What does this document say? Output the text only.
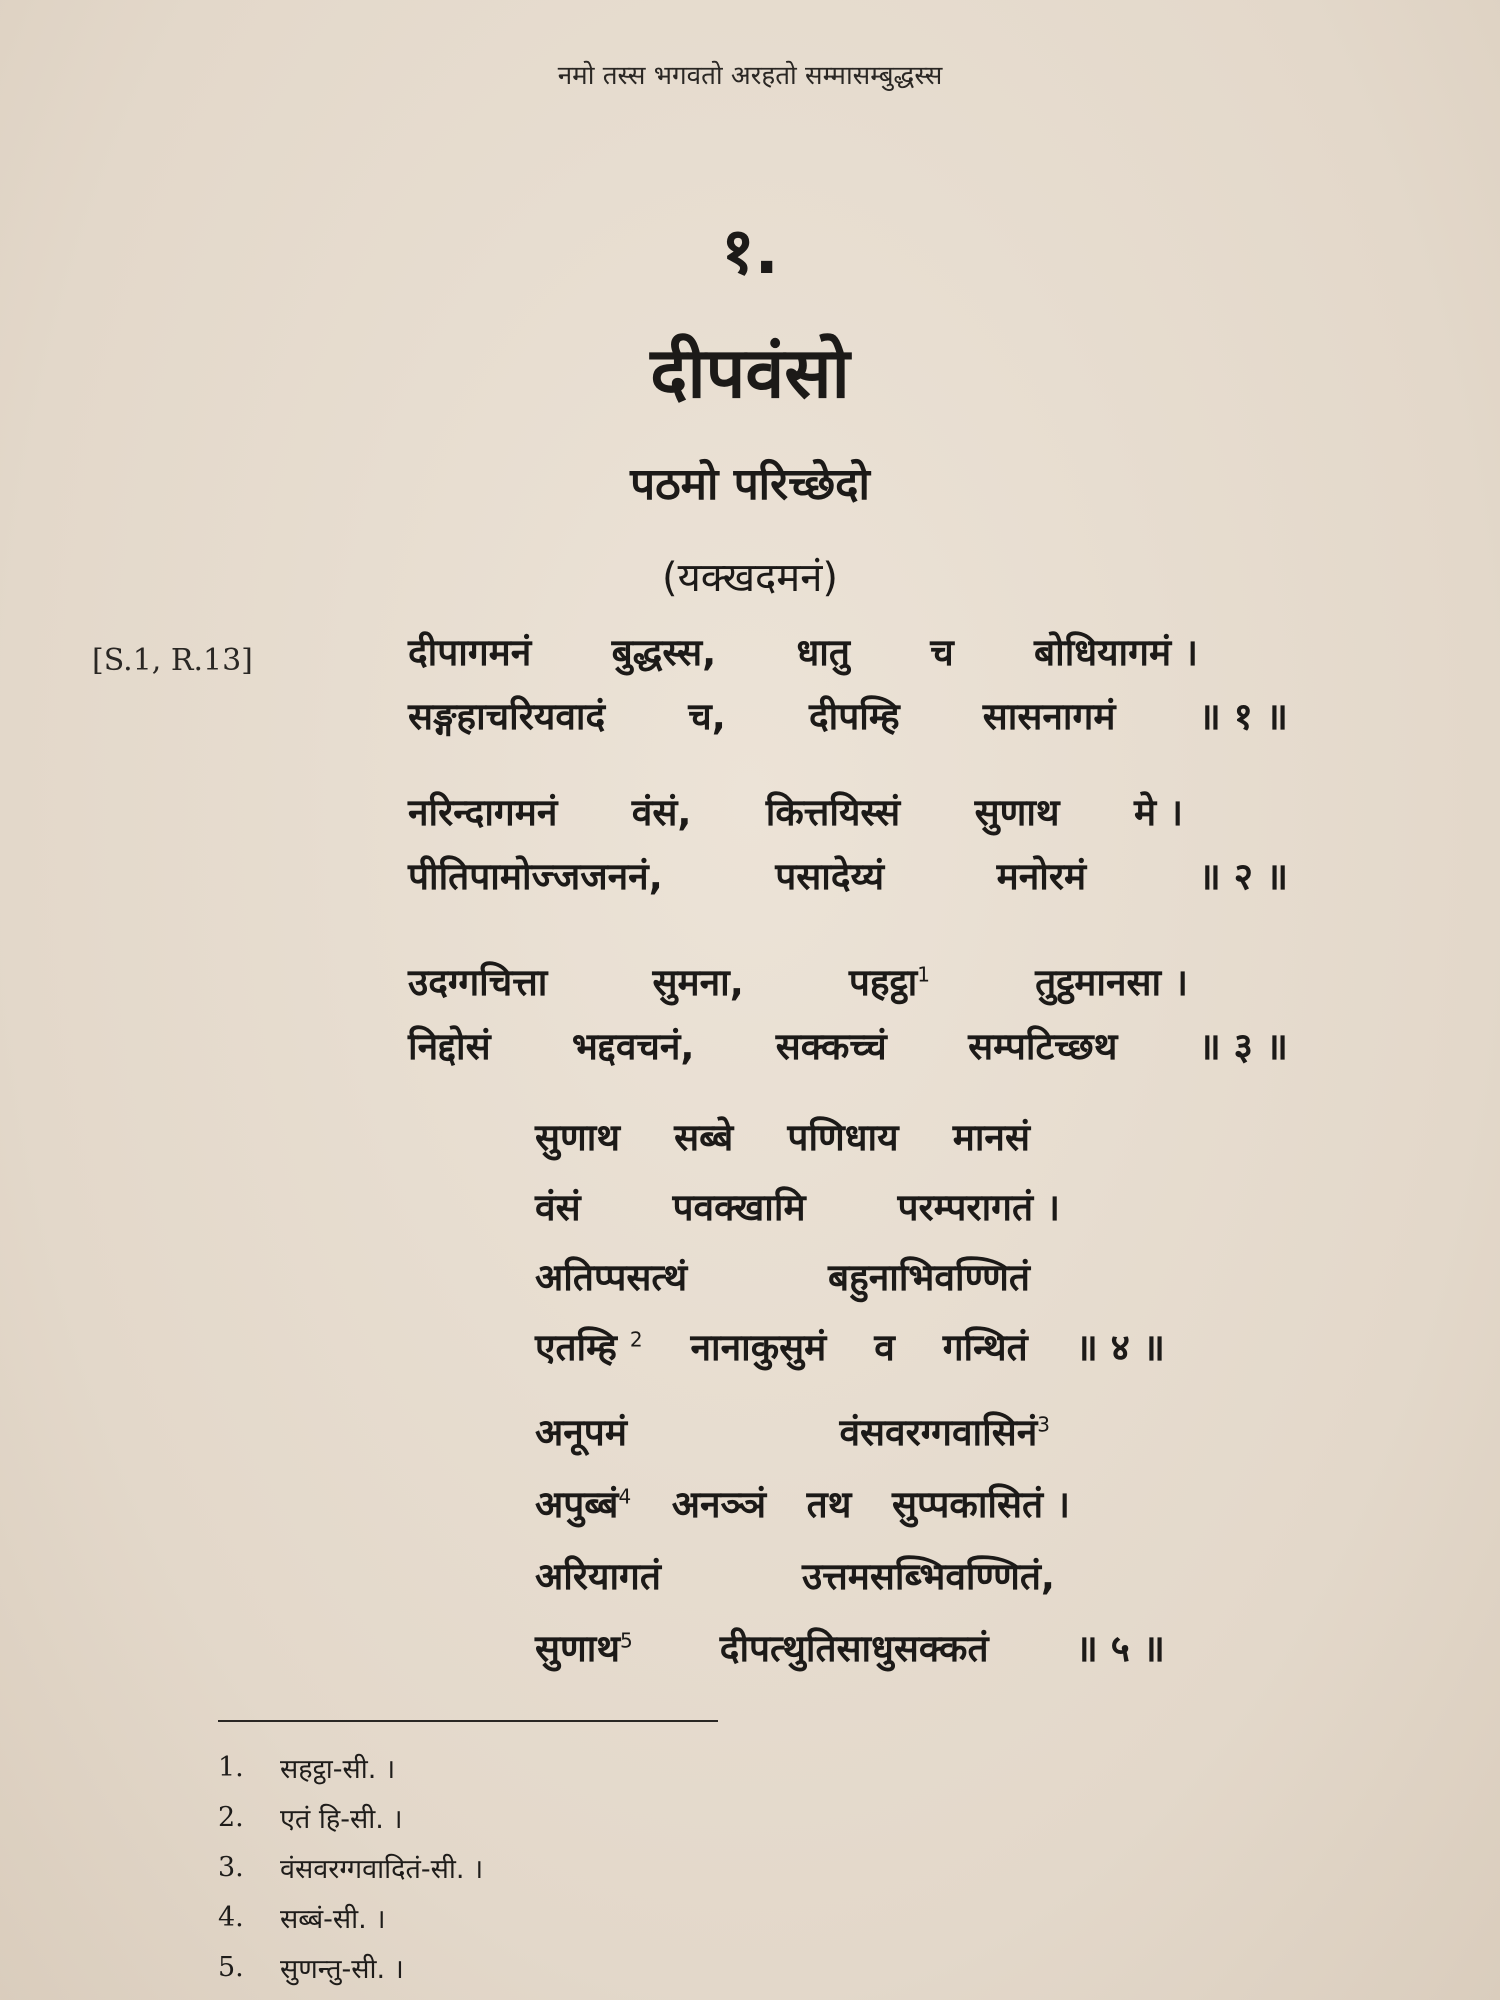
नमो तस्स भगवतो अरहतो सम्मासम्बुद्धस्स
१.
दीपवंसो
पठमो परिच्छेदो
(यक्खदमनं)
[S.1, R.13]	दीपागमनं बुद्धस्स, धातु च बोधियागमं ।
सङ्गहाचरियवादं च, दीपम्हि सासनागमं ॥ १ ॥
नरिन्दागमनं वंसं, कित्तयिस्सं सुणाथ मे ।
पीतिपामोज्जजननं,	पसादेय्यं	मनोरमं	॥ २ ॥
उदग्गचित्ता	सुमना,	पहट्ठा$^1$	तुट्ठमानसा ।
निद्दोसं भद्दवचनं, सक्कच्चं सम्पटिच्छथ ॥ ३ ॥
सुणाथ सब्बे पणिधाय मानसं
वंसं पवक्खामि परम्परागतं ।
अतिप्पसत्थं	बहुनाभिवण्णितं
एतम्हि $^2$ नानाकुसुमं व गन्थितं ॥ ४ ॥
अनूपमं	वंसवरग्गवासिनं$^3$
अपुब्बं$^4$ अनञ्ञं तथ सुप्पकासितं ।
अरियागतं	उत्तमसब्भिवण्णितं,
सुणाथ$^5$ दीपत्थुतिसाधुसक्कतं ॥ ५ ॥
1.	सहट्ठा-सी. ।
2.	एतं हि-सी. ।
3.	वंसवरग्गवादितं-सी. ।
4.	सब्बं-सी. ।
5.	सुणन्तु-सी. ।
